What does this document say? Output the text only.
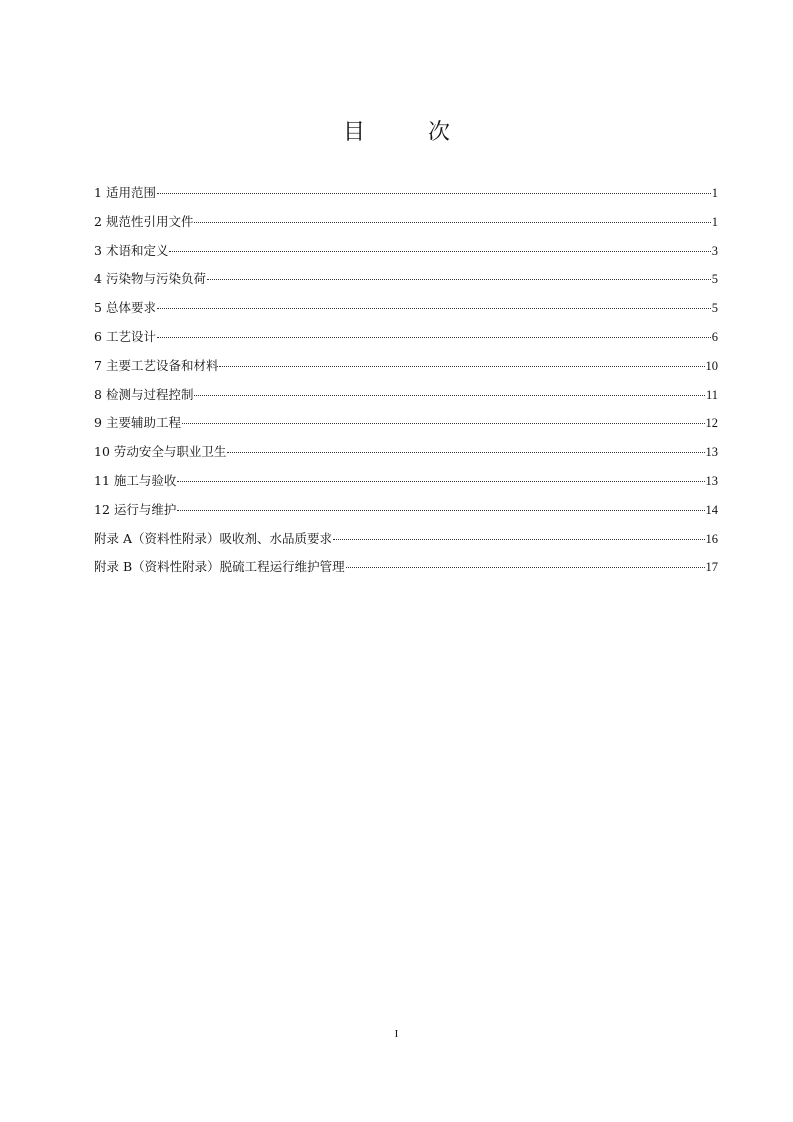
目 次
1 适用范围	1
2 规范性引用文件	1
3 术语和定义	3
4 污染物与污染负荷	5
5 总体要求	5
6 工艺设计	6
7 主要工艺设备和材料	10
8 检测与过程控制	11
9 主要辅助工程	12
10 劳动安全与职业卫生	13
11 施工与验收	13
12 运行与维护	14
附录 A（资料性附录）吸收剂、水品质要求	16
附录 B（资料性附录）脱硫工程运行维护管理	17
I
